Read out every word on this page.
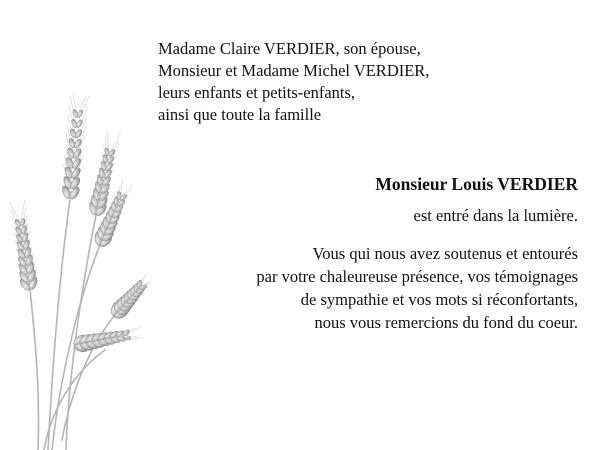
Madame Claire VERDIER, son épouse,
Monsieur et Madame Michel VERDIER,
leurs enfants et petits-enfants,
ainsi que toute la famille
Monsieur Louis VERDIER
est entré dans la lumière.
Vous qui nous avez soutenus et entourés
par votre chaleureuse présence, vos témoignages
de sympathie et vos mots si réconfortants,
nous vous remercions du fond du coeur.
